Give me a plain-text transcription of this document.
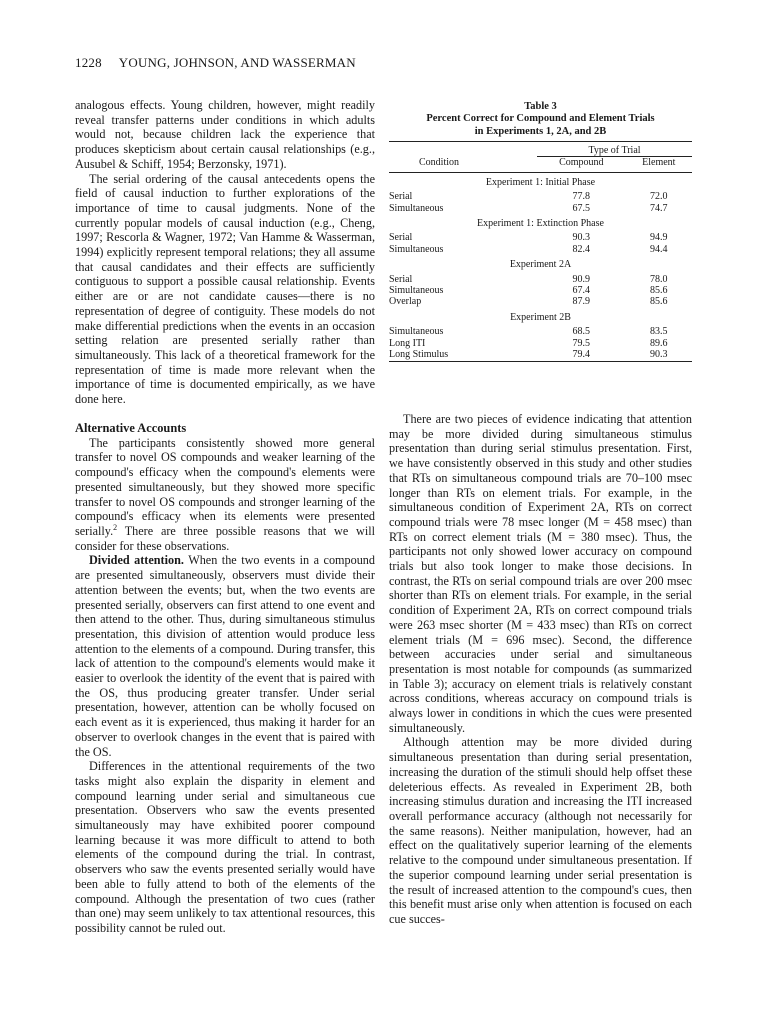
1228 YOUNG, JOHNSON, AND WASSERMAN

analogous effects. Young children, however, might readily reveal transfer patterns under conditions in which adults would not, because children lack the experience that produces skepticism about certain causal relationships (e.g., Ausubel & Schiff, 1954; Berzonsky, 1971).

The serial ordering of the causal antecedents opens the field of causal induction to further explorations of the importance of time to causal judgments. None of the currently popular models of causal induction (e.g., Cheng, 1997; Rescorla & Wagner, 1972; Van Hamme & Wasserman, 1994) explicitly represent temporal relations; they all assume that causal candidates and their effects are sufficiently contiguous to support a possible causal relationship. Events either are or are not candidate causes—there is no representation of degree of contiguity. These models do not make differential predictions when the events in an occasion setting relation are presented serially rather than simultaneously. This lack of a theoretical framework for the representation of time is made more relevant when the importance of time is documented empirically, as we have done here.

Alternative Accounts

The participants consistently showed more general transfer to novel OS compounds and weaker learning of the compound's efficacy when the compound's elements were presented simultaneously, but they showed more specific transfer to novel OS compounds and stronger learning of the compound's efficacy when its elements were presented serially.$^2$ There are three possible reasons that we will consider for these observations.

Divided attention. When the two events in a compound are presented simultaneously, observers must divide their attention between the events; but, when the two events are presented serially, observers can first attend to one event and then attend to the other. Thus, during simultaneous stimulus presentation, this division of attention would produce less attention to the elements of a compound. During transfer, this lack of attention to the compound's elements would make it easier to overlook the identity of the event that is paired with the OS, thus producing greater transfer. Under serial presentation, however, attention can be wholly focused on each event as it is experienced, thus making it harder for an observer to overlook changes in the event that is paired with the OS.

Differences in the attentional requirements of the two tasks might also explain the disparity in element and compound learning under serial and simultaneous cue presentation. Observers who saw the events presented simultaneously may have exhibited poorer compound learning because it was more difficult to attend to both elements of the compound during the trial. In contrast, observers who saw the events presented serially would have been able to fully attend to both of the elements of the compound. Although the presentation of two cues (rather than one) may seem unlikely to tax attentional resources, this possibility cannot be ruled out.

Table 3
Percent Correct for Compound and Element Trials
in Experiments 1, 2A, and 2B

	Type of Trial	

Condition	Compound	Element

Experiment 1: Initial Phase		
Serial	77.8	72.0
Simultaneous	67.5	74.7
Experiment 1: Extinction Phase		
Serial	90.3	94.9
Simultaneous	82.4	94.4
Experiment 2A		
Serial	90.9	78.0
Simultaneous	67.4	85.6
Overlap	87.9	85.6
Experiment 2B		
Simultaneous	68.5	83.5
Long ITI	79.5	89.6
Long Stimulus	79.4	90.3

There are two pieces of evidence indicating that attention may be more divided during simultaneous stimulus presentation than during serial stimulus presentation. First, we have consistently observed in this study and other studies that RTs on simultaneous compound trials are 70–100 msec longer than RTs on element trials. For example, in the simultaneous condition of Experiment 2A, RTs on correct compound trials were 78 msec longer (M = 458 msec) than RTs on correct element trials (M = 380 msec). Thus, the participants not only showed lower accuracy on compound trials but also took longer to make those decisions. In contrast, the RTs on serial compound trials are over 200 msec shorter than RTs on element trials. For example, in the serial condition of Experiment 2A, RTs on correct compound trials were 263 msec shorter (M = 433 msec) than RTs on correct element trials (M = 696 msec). Second, the difference between accuracies under serial and simultaneous presentation is most notable for compounds (as summarized in Table 3); accuracy on element trials is relatively constant across conditions, whereas accuracy on compound trials is always lower in conditions in which the cues were presented simultaneously.

Although attention may be more divided during simultaneous presentation than during serial presentation, increasing the duration of the stimuli should help offset these deleterious effects. As revealed in Experiment 2B, both increasing stimulus duration and increasing the ITI increased overall performance accuracy (although not necessarily for the same reasons). Neither manipulation, however, had an effect on the qualitatively superior learning of the elements relative to the compound under simultaneous presentation. If the superior compound learning under serial presentation is the result of increased attention to the compound's cues, then this benefit must arise only when attention is focused on each cue succes-
